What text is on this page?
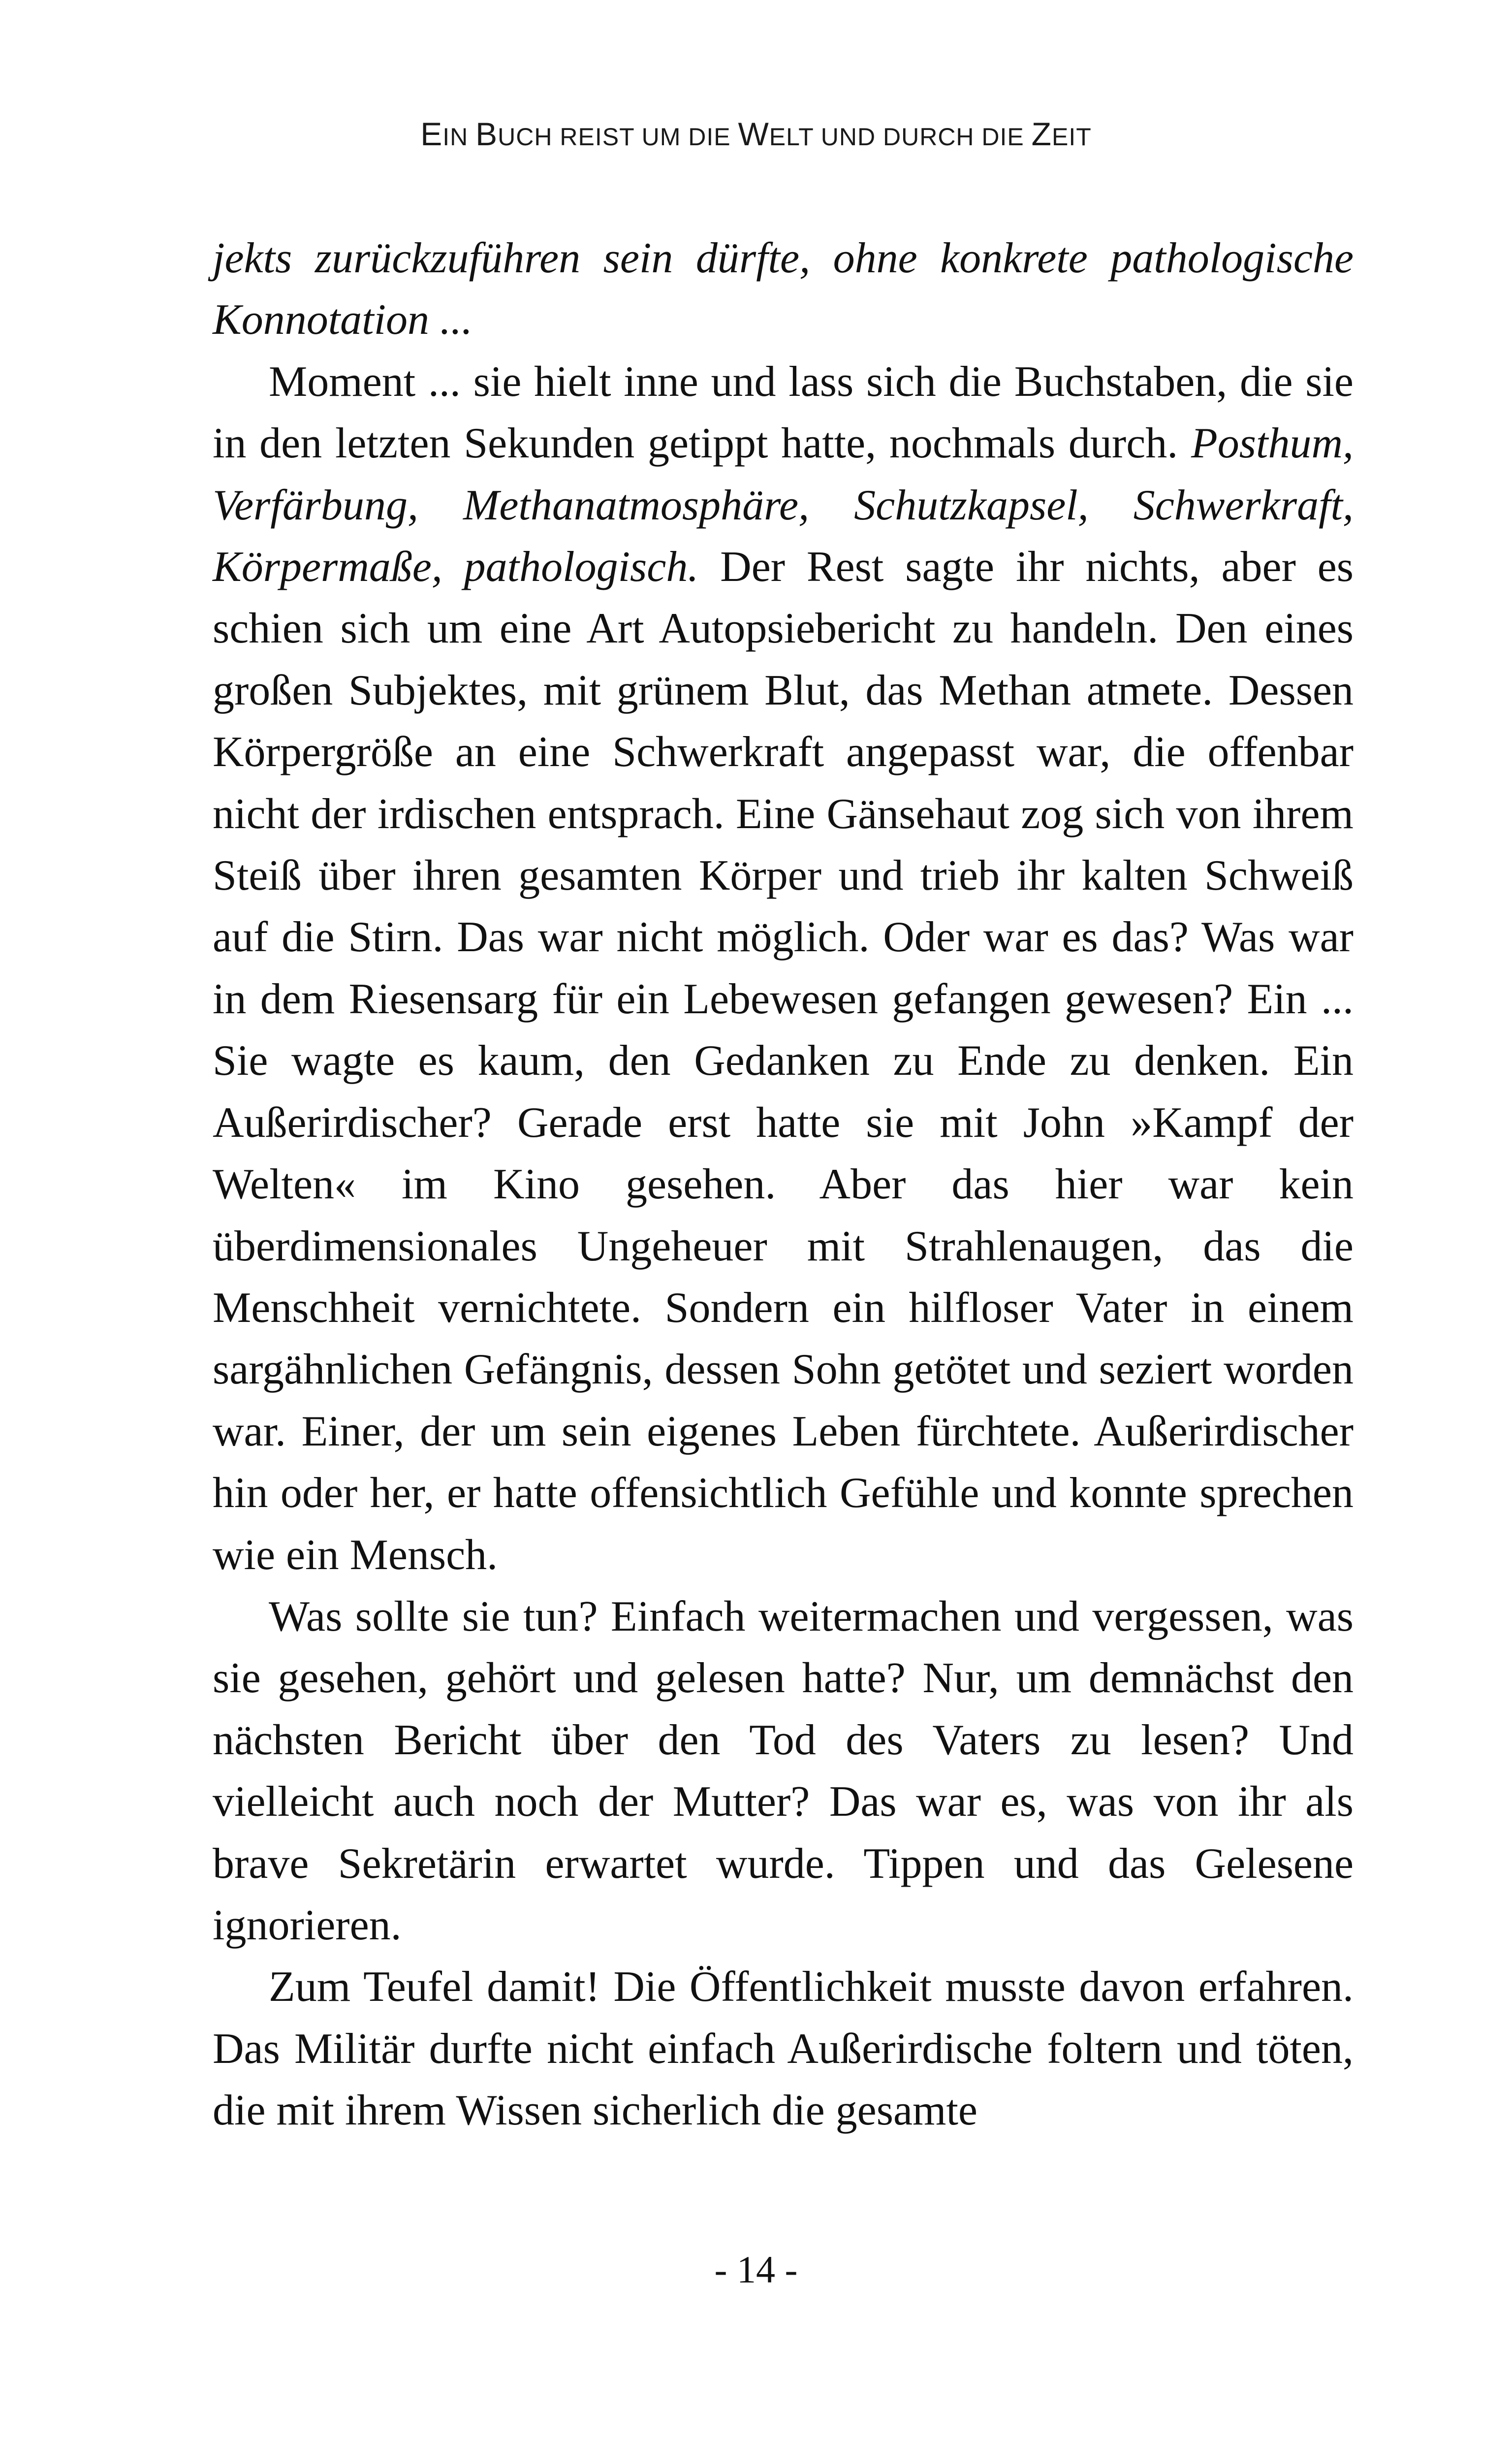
EIN BUCH REIST UM DIE WELT UND DURCH DIE ZEIT

jekts zurückzuführen sein dürfte, ohne konkrete pathologische Konnotation ...

Moment ... sie hielt inne und lass sich die Buchstaben, die sie in den letzten Sekunden getippt hatte, nochmals durch. Posthum, Verfärbung, Methanatmosphäre, Schutzkapsel, Schwerkraft, Körpermaße, pathologisch. Der Rest sagte ihr nichts, aber es schien sich um eine Art Autopsiebericht zu handeln. Den eines großen Subjektes, mit grünem Blut, das Methan atmete. Dessen Körpergröße an eine Schwerkraft angepasst war, die offenbar nicht der irdischen entsprach. Eine Gänsehaut zog sich von ihrem Steiß über ihren gesamten Körper und trieb ihr kalten Schweiß auf die Stirn. Das war nicht möglich. Oder war es das? Was war in dem Riesensarg für ein Lebewesen gefangen gewesen? Ein ... Sie wagte es kaum, den Gedanken zu Ende zu denken. Ein Außerirdischer? Gerade erst hatte sie mit John »Kampf der Welten« im Kino gesehen. Aber das hier war kein überdimensionales Ungeheuer mit Strahlenaugen, das die Menschheit vernichtete. Sondern ein hilfloser Vater in einem sargähnlichen Gefängnis, dessen Sohn getötet und seziert worden war. Einer, der um sein eigenes Leben fürchtete. Außerirdischer hin oder her, er hatte offensichtlich Gefühle und konnte sprechen wie ein Mensch.

Was sollte sie tun? Einfach weitermachen und vergessen, was sie gesehen, gehört und gelesen hatte? Nur, um demnächst den nächsten Bericht über den Tod des Vaters zu lesen? Und vielleicht auch noch der Mutter? Das war es, was von ihr als brave Sekretärin erwartet wurde. Tippen und das Gelesene ignorieren.

Zum Teufel damit! Die Öffentlichkeit musste davon erfahren. Das Militär durfte nicht einfach Außerirdische foltern und töten, die mit ihrem Wissen sicherlich die gesamte

- 14 -
